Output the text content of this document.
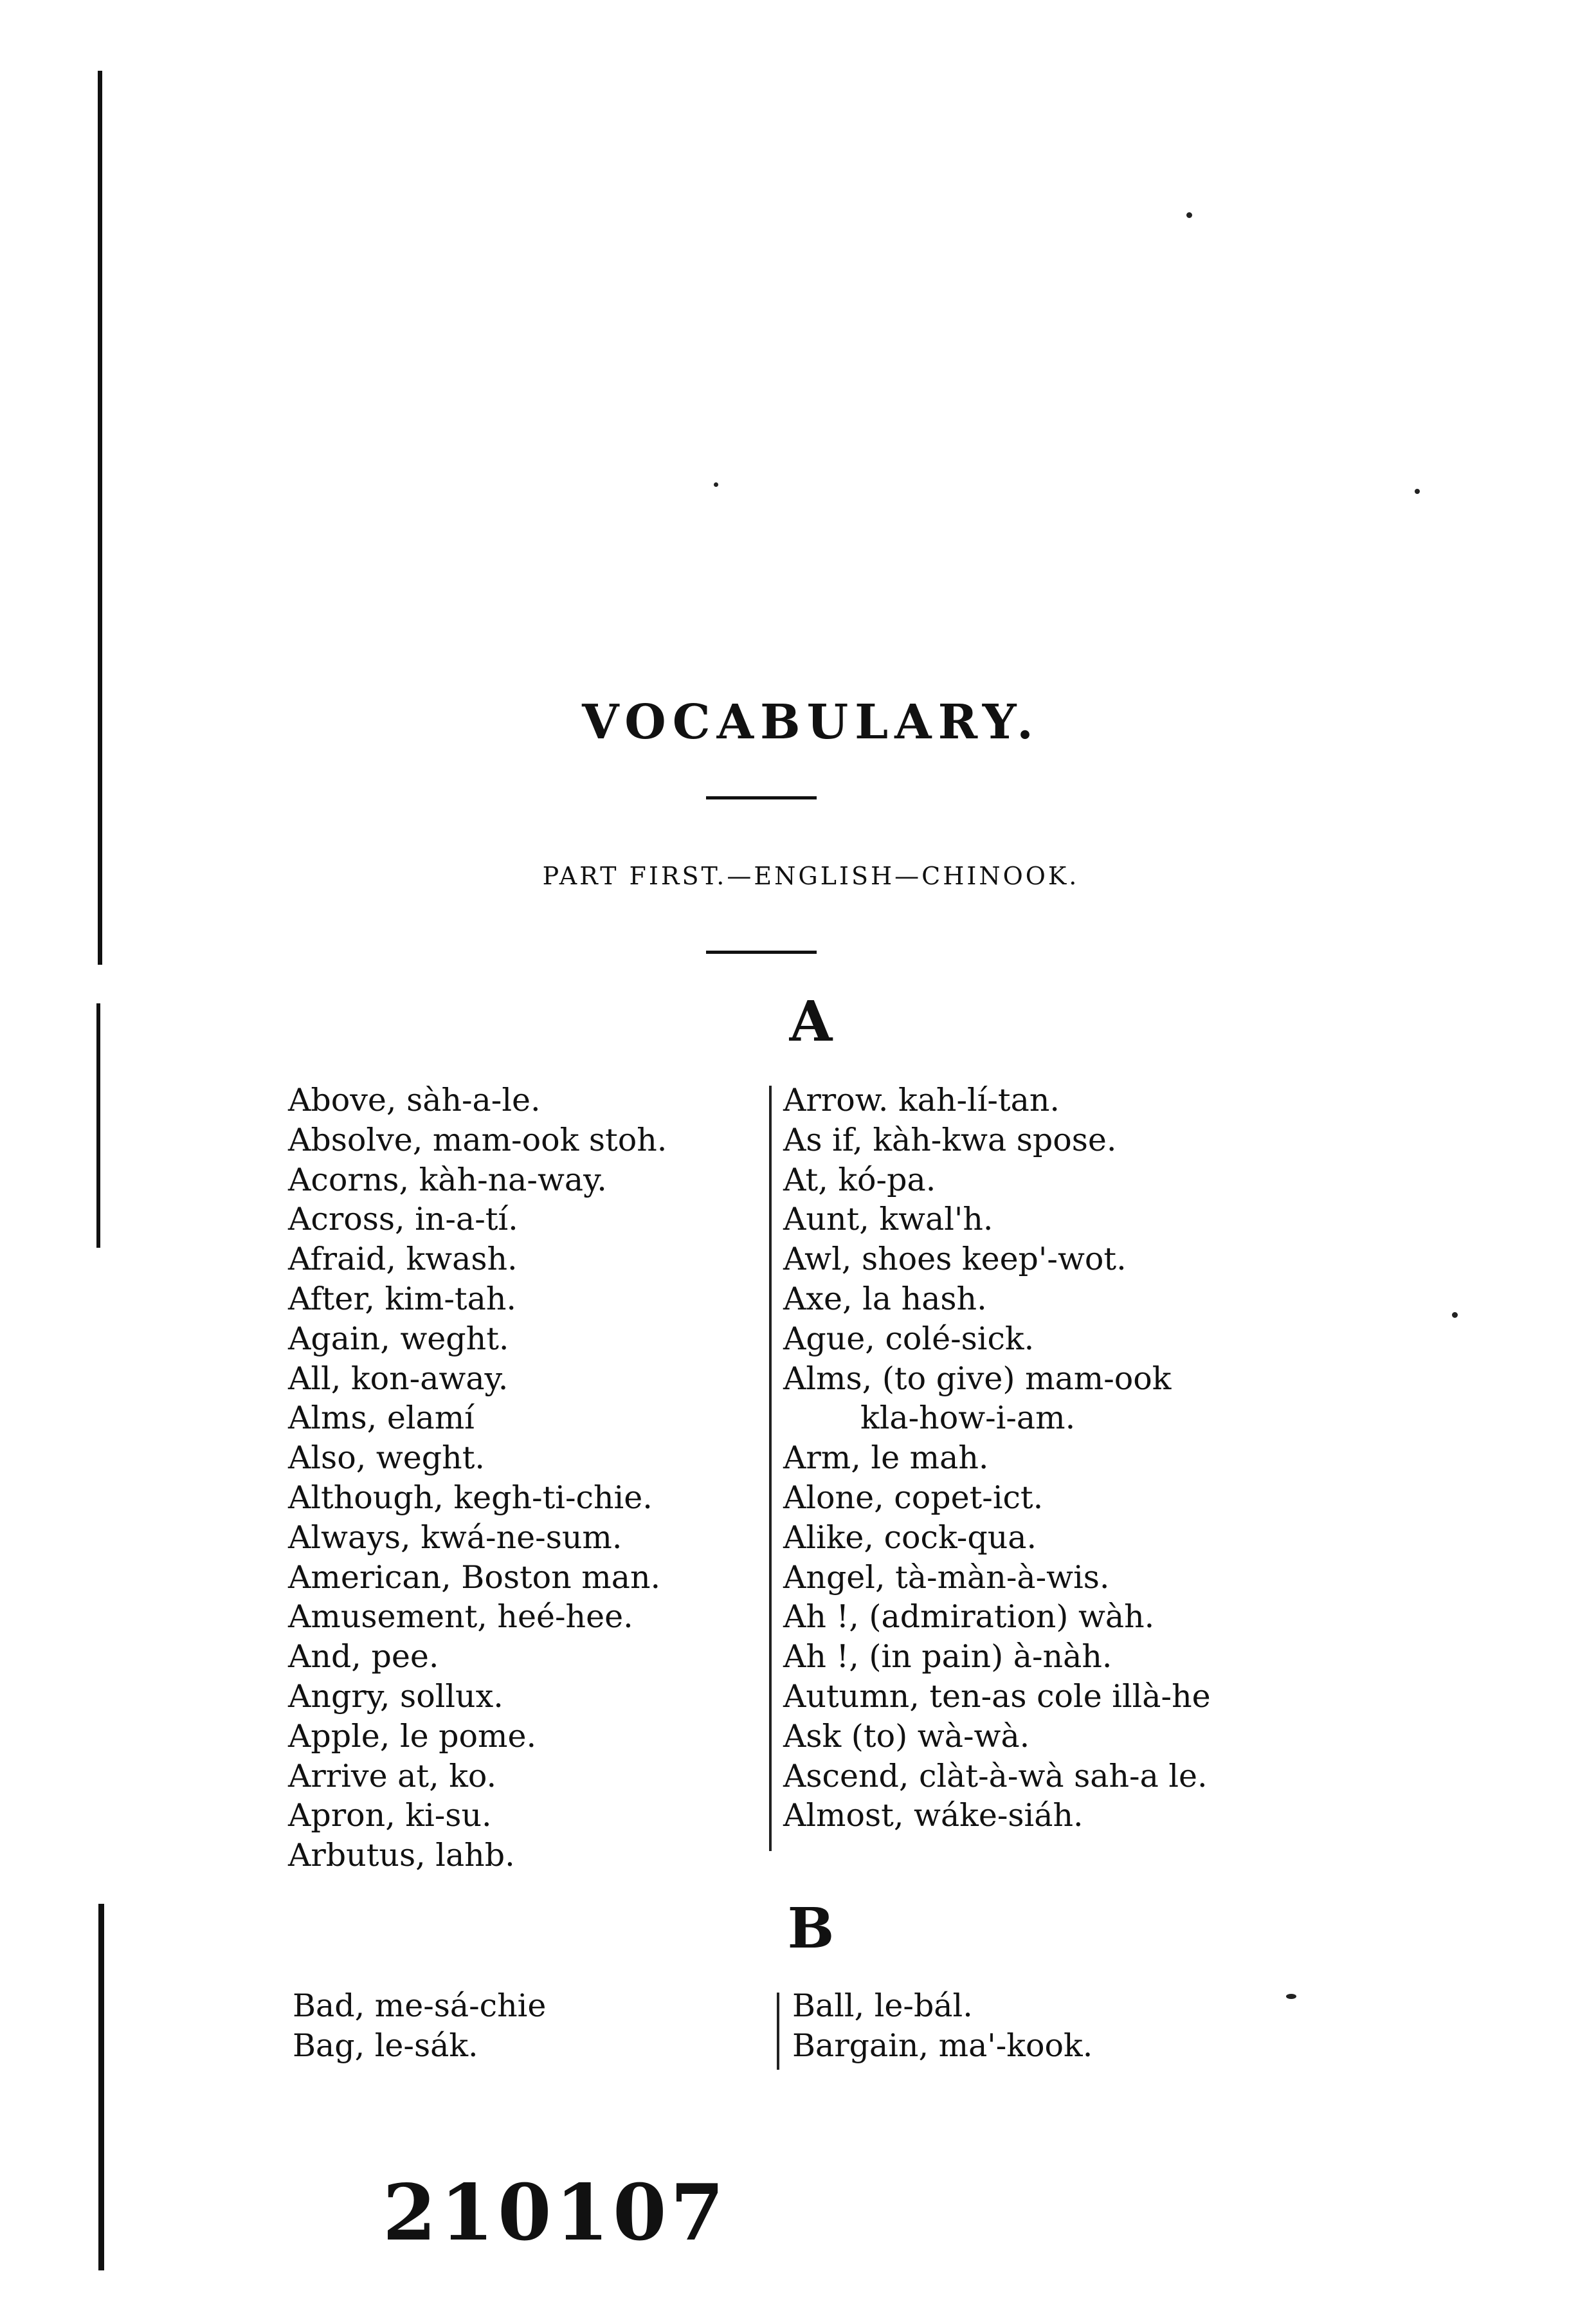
VOCABULARY.
PART FIRST.—ENGLISH—CHINOOK.
A
Above, sàh-a-le.
Absolve, mam-ook stoh.
Acorns, kàh-na-way.
Across, in-a-tí.
Afraid, kwash.
After, kim-tah.
Again, weght.
All, kon-away.
Alms, elamí
Also, weght.
Although, kegh-ti-chie.
Always, kwá-ne-sum.
American, Boston man.
Amusement, heé-hee.
And, pee.
Angry, sollux.
Apple, le pome.
Arrive at, ko.
Apron, ki-su.
Arbutus, lahb.
Arrow. kah-lí-tan.
As if, kàh-kwa spose.
At, kó-pa.
Aunt, kwal'h.
Awl, shoes keep'-wot.
Axe, la hash.
Ague, colé-sick.
Alms, (to give) mam-ook
kla-how-i-am.
Arm, le mah.
Alone, copet-ict.
Alike, cock-qua.
Angel, tà-màn-à-wis.
Ah !, (admiration) wàh.
Ah !, (in pain) à-nàh.
Autumn, ten-as cole illà-he
Ask (to) wà-wà.
Ascend, clàt-à-wà sah-a le.
Almost, wáke-siáh.
B
Bad, me-sá-chie
Bag, le-sák.
Ball, le-bál.
Bargain, ma'-kook.
210107
